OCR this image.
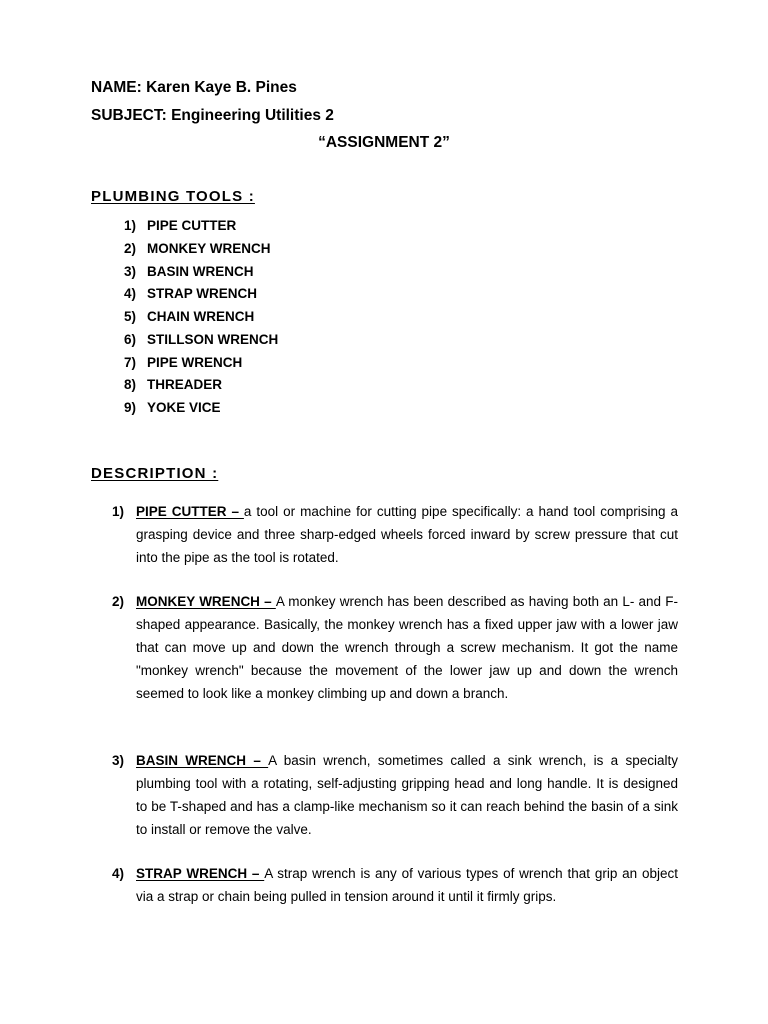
NAME: Karen Kaye B. Pines
SUBJECT: Engineering Utilities 2
“ASSIGNMENT 2”
PLUMBING TOOLS :
1) PIPE CUTTER
2) MONKEY WRENCH
3) BASIN WRENCH
4) STRAP WRENCH
5) CHAIN WRENCH
6) STILLSON WRENCH
7) PIPE WRENCH
8) THREADER
9) YOKE VICE
DESCRIPTION :
1) PIPE CUTTER – a tool or machine for cutting pipe specifically: a hand tool comprising a grasping device and three sharp-edged wheels forced inward by screw pressure that cut into the pipe as the tool is rotated.
2) MONKEY WRENCH – A monkey wrench has been described as having both an L- and F-shaped appearance. Basically, the monkey wrench has a fixed upper jaw with a lower jaw that can move up and down the wrench through a screw mechanism. It got the name "monkey wrench" because the movement of the lower jaw up and down the wrench seemed to look like a monkey climbing up and down a branch.
3) BASIN WRENCH – A basin wrench, sometimes called a sink wrench, is a specialty plumbing tool with a rotating, self-adjusting gripping head and long handle. It is designed to be T-shaped and has a clamp-like mechanism so it can reach behind the basin of a sink to install or remove the valve.
4) STRAP WRENCH – A strap wrench is any of various types of wrench that grip an object via a strap or chain being pulled in tension around it until it firmly grips.
